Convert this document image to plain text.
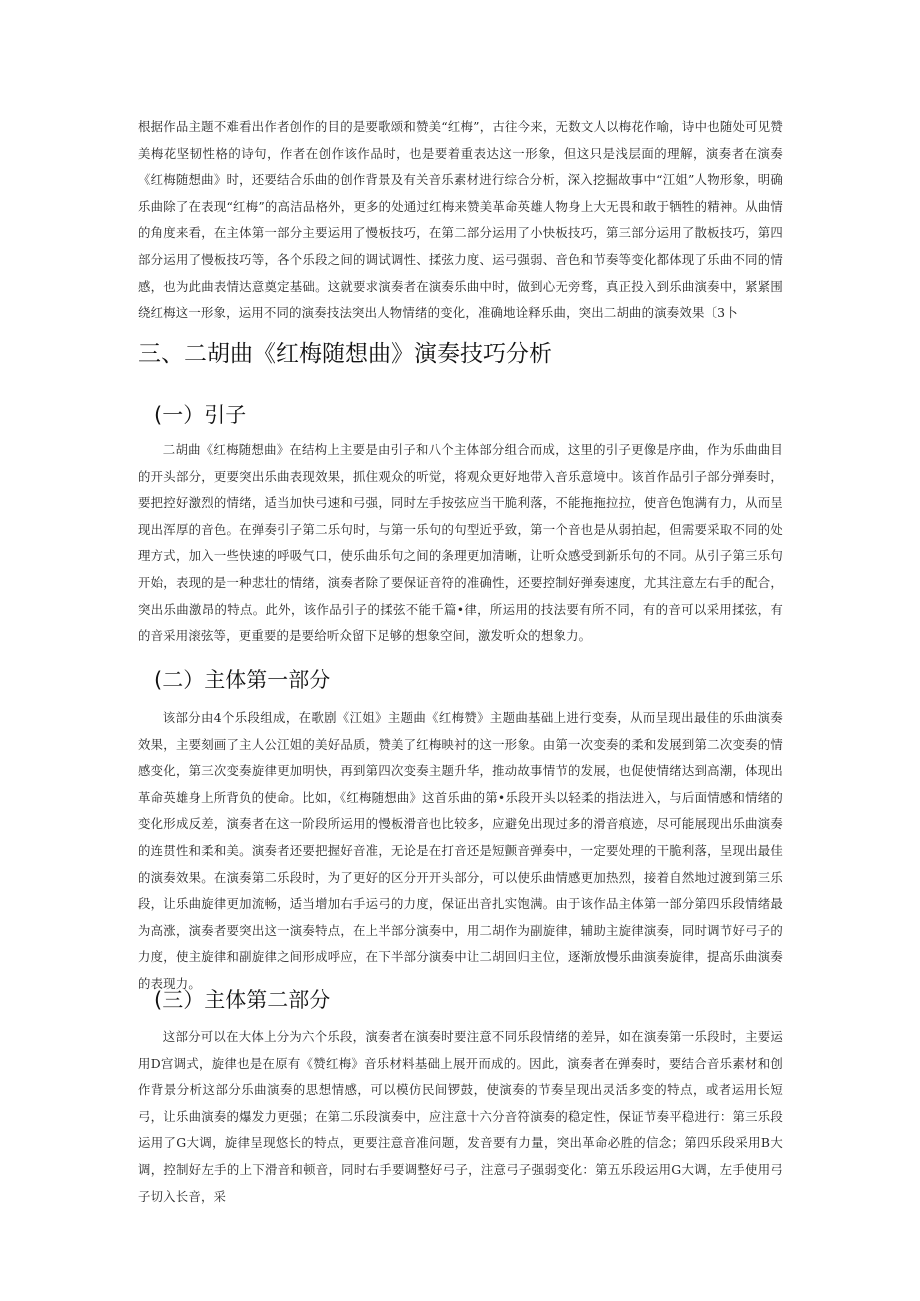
根据作品主题不难看出作者创作的目的是要歌颂和赞美“红梅”，古往今来，无数文人以梅花作喻，诗中也随处可见赞美梅花坚韧性格的诗句，作者在创作该作品时，也是要着重表达这一形象，但这只是浅层面的理解，演奏者在演奏《红梅随想曲》时，还要结合乐曲的创作背景及有关音乐素材进行综合分析，深入挖掘故事中“江姐”人物形象，明确乐曲除了在表现“红梅”的高洁品格外，更多的处通过红梅来赞美革命英雄人物身上大无畏和敢于牺牲的精神。从曲情的角度来看，在主体第一部分主要运用了慢板技巧，在第二部分运用了小快板技巧，第三部分运用了散板技巧，第四部分运用了慢板技巧等，各个乐段之间的调试调性、揉弦力度、运弓强弱、音色和节奏等变化都体现了乐曲不同的情感，也为此曲表情达意奠定基础。这就要求演奏者在演奏乐曲中时，做到心无旁骛，真正投入到乐曲演奏中，紧紧围绕红梅这一形象，运用不同的演奏技法突出人物情绪的变化，准确地诠释乐曲，突出二胡曲的演奏效果〔3卜

三、二胡曲《红梅随想曲》演奏技巧分析
(一）引子

二胡曲《红梅随想曲》在结构上主要是由引子和八个主体部分组合而成，这里的引子更像是序曲，作为乐曲曲目的开头部分，更要突出乐曲表现效果，抓住观众的听觉，将观众更好地带入音乐意境中。该首作品引子部分弹奏时，要把控好激烈的情绪，适当加快弓速和弓强，同时左手按弦应当干脆利落，不能拖拖拉拉，使音色饱满有力，从而呈现出浑厚的音色。在弹奏引子第二乐句时，与第一乐句的句型近乎致，第一个音也是从弱拍起，但需要采取不同的处理方式，加入一些快速的呼吸气口，使乐曲乐句之间的条理更加清晰，让听众感受到新乐句的不同。从引子第三乐句开始，表现的是一种悲壮的情绪，演奏者除了要保证音符的准确性，还要控制好弹奏速度，尤其注意左右手的配合，突出乐曲激昂的特点。此外，该作品引子的揉弦不能千篇•律，所运用的技法要有所不同，有的音可以采用揉弦，有的音采用滚弦等，更重要的是要给听众留下足够的想象空间，激发听众的想象力。

(二）主体第一部分

该部分由4个乐段组成，在歌剧《江姐》主题曲《红梅赞》主题曲基础上进行变奏，从而呈现出最佳的乐曲演奏效果，主要刻画了主人公江姐的美好品质，赞美了红梅映衬的这一形象。由第一次变奏的柔和发展到第二次变奏的情感变化，第三次变奏旋律更加明快，再到第四次变奏主题升华，推动故事情节的发展，也促使情绪达到高潮，体现出革命英雄身上所背负的使命。比如，《红梅随想曲》这首乐曲的第•乐段开头以轻柔的指法进入，与后面情感和情绪的变化形成反差，演奏者在这一阶段所运用的慢板滑音也比较多，应避免出现过多的滑音痕迹，尽可能展现出乐曲演奏的连贯性和柔和美。演奏者还要把握好音准，无论是在打音还是短颤音弹奏中，一定要处理的干脆利落，呈现出最佳的演奏效果。在演奏第二乐段时，为了更好的区分开开头部分，可以使乐曲情感更加热烈，接着自然地过渡到第三乐段，让乐曲旋律更加流畅，适当增加右手运弓的力度，保证出音扎实饱满。由于该作品主体第一部分第四乐段情绪最为高涨，演奏者要突出这一演奏特点，在上半部分演奏中，用二胡作为副旋律，辅助主旋律演奏，同时调节好弓子的力度，使主旋律和副旋律之间形成呼应，在下半部分演奏中让二胡回归主位，逐渐放慢乐曲演奏旋律，提高乐曲演奏的表现力。

(三）主体第二部分

这部分可以在大体上分为六个乐段，演奏者在演奏时要注意不同乐段情绪的差异，如在演奏第一乐段时，主要运用D宫调式，旋律也是在原有《赞红梅》音乐材料基础上展开而成的。因此，演奏者在弹奏时，要结合音乐素材和创作背景分析这部分乐曲演奏的思想情感，可以模仿民间锣鼓，使演奏的节奏呈现出灵活多变的特点，或者运用长短弓，让乐曲演奏的爆发力更强；在第二乐段演奏中，应注意十六分音符演奏的稳定性，保证节奏平稳进行：第三乐段运用了G大调，旋律呈现悠长的特点，更要注意音准问题，发音要有力量，突出革命必胜的信念；第四乐段采用B大调，控制好左手的上下滑音和顿音，同时右手要调整好弓子，注意弓子强弱变化：第五乐段运用G大调，左手使用弓子切入长音，采
